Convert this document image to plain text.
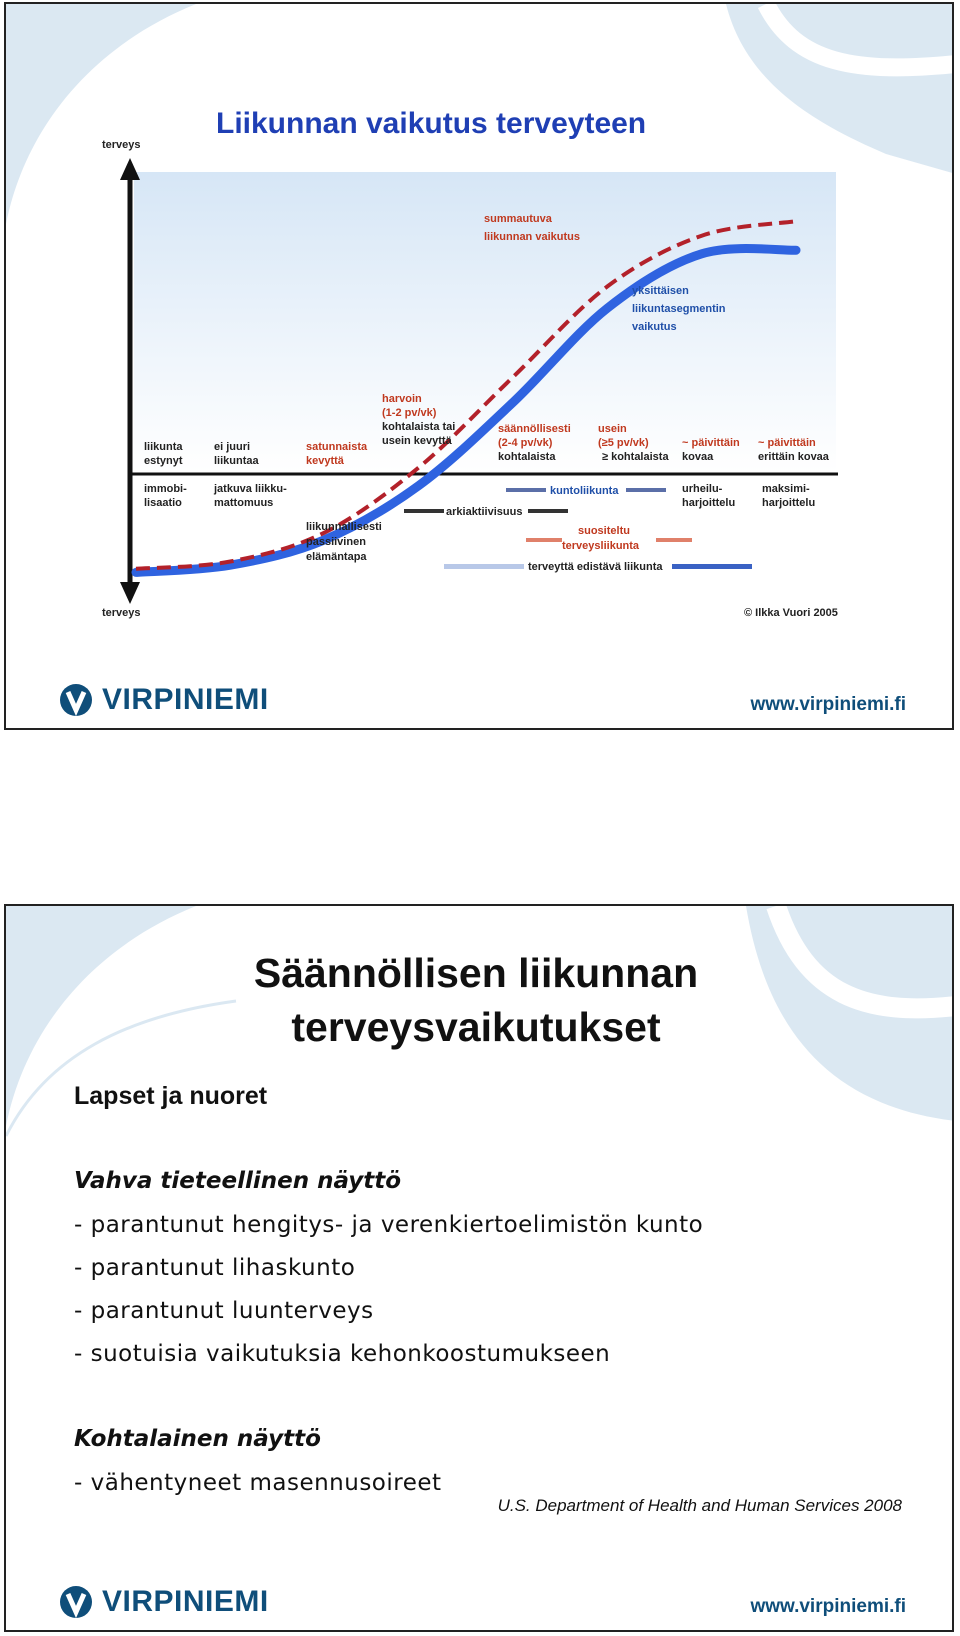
Liikunnan vaikutus terveyteen
terveys
terveys
summautuva
liikunnan vaikutus
yksittäisen
liikuntasegmentin
vaikutus
liikunta
estynyt
ei juuri
liikuntaa
satunnaista
kevyttä
harvoin
(1-2 pv/vk)
kohtalaista tai
usein kevyttä
säännöllisesti
(2-4 pv/vk)
kohtalaista
usein
(≥5 pv/vk)
≥ kohtalaista
~ päivittäin
kovaa
~ päivittäin
erittäin kovaa
immobi-
lisaatio
jatkuva liikku-
mattomuus
liikunnallisesti
passiivinen
elämäntapa
arkiaktiivisuus
kuntoliikunta
suositeltu
terveysliikunta
terveyttä edistävä liikunta
urheilu-
harjoittelu
maksimi-
harjoittelu
© Ilkka Vuori 2005
VIRPINIEMI	www.virpiniemi.fi
Säännöllisen liikunnan
terveysvaikutukset
Lapset ja nuoret
Vahva tieteellinen näyttö
- parantunut hengitys- ja verenkiertoelimistön kunto
- parantunut lihaskunto
- parantunut luunterveys
- suotuisia vaikutuksia kehonkoostumukseen
Kohtalainen näyttö
- vähentyneet masennusoireet
U.S. Department of Health and Human Services 2008
VIRPINIEMI	www.virpiniemi.fi
